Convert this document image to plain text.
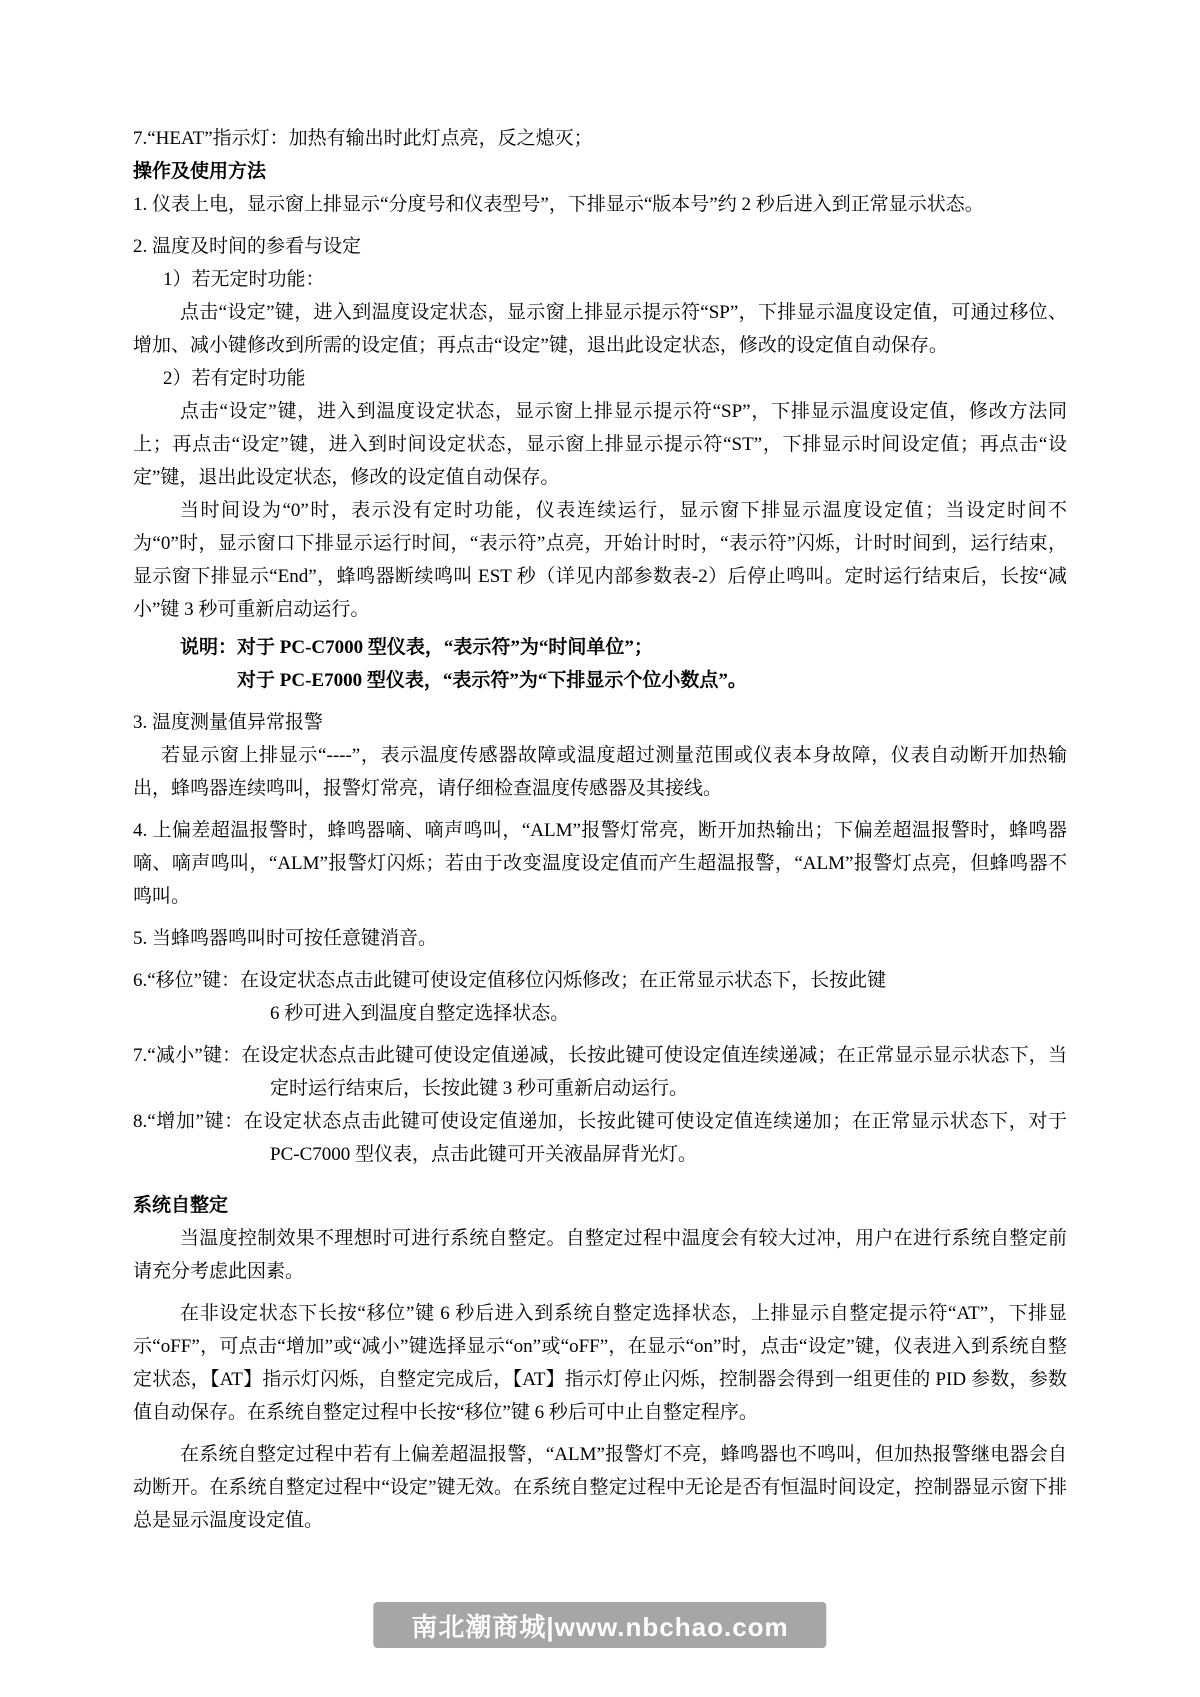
7.“HEAT”指示灯：加热有输出时此灯点亮，反之熄灭；

操作及使用方法

1. 仪表上电，显示窗上排显示“分度号和仪表型号”，下排显示“版本号”约 2 秒后进入到正常显示状态。

2. 温度及时间的参看与设定

1）若无定时功能：

点击“设定”键，进入到温度设定状态，显示窗上排显示提示符“SP”，下排显示温度设定值，可通过移位、增加、减小键修改到所需的设定值；再点击“设定”键，退出此设定状态，修改的设定值自动保存。

2）若有定时功能

点击“设定”键，进入到温度设定状态，显示窗上排显示提示符“SP”，下排显示温度设定值，修改方法同上；再点击“设定”键，进入到时间设定状态，显示窗上排显示提示符“ST”，下排显示时间设定值；再点击“设定”键，退出此设定状态，修改的设定值自动保存。

当时间设为“0”时，表示没有定时功能，仪表连续运行，显示窗下排显示温度设定值；当设定时间不为“0”时，显示窗口下排显示运行时间，“表示符”点亮，开始计时时，“表示符”闪烁，计时时间到，运行结束，显示窗下排显示“End”，蜂鸣器断续鸣叫 EST 秒（详见内部参数表-2）后停止鸣叫。定时运行结束后，长按“减小”键 3 秒可重新启动运行。

说明：对于 PC-C7000 型仪表，“表示符”为“时间单位”；

对于 PC-E7000 型仪表，“表示符”为“下排显示个位小数点”。

3. 温度测量值异常报警

若显示窗上排显示“----”，表示温度传感器故障或温度超过测量范围或仪表本身故障，仪表自动断开加热输出，蜂鸣器连续鸣叫，报警灯常亮，请仔细检查温度传感器及其接线。

4. 上偏差超温报警时，蜂鸣器嘀、嘀声鸣叫，“ALM”报警灯常亮，断开加热输出；下偏差超温报警时，蜂鸣器嘀、嘀声鸣叫，“ALM”报警灯闪烁；若由于改变温度设定值而产生超温报警，“ALM”报警灯点亮，但蜂鸣器不鸣叫。

5. 当蜂鸣器鸣叫时可按任意键消音。

6.“移位”键：在设定状态点击此键可使设定值移位闪烁修改；在正常显示状态下，长按此键

6 秒可进入到温度自整定选择状态。

7.“减小”键：在设定状态点击此键可使设定值递减，长按此键可使设定值连续递减；在正常显示显示状态下，当定时运行结束后，长按此键 3 秒可重新启动运行。

8.“增加”键：在设定状态点击此键可使设定值递加，长按此键可使设定值连续递加；在正常显示状态下，对于 PC-C7000 型仪表，点击此键可开关液晶屏背光灯。

系统自整定

当温度控制效果不理想时可进行系统自整定。自整定过程中温度会有较大过冲，用户在进行系统自整定前请充分考虑此因素。

在非设定状态下长按“移位”键 6 秒后进入到系统自整定选择状态，上排显示自整定提示符“AT”，下排显示“oFF”，可点击“增加”或“减小”键选择显示“on”或“oFF”，在显示“on”时，点击“设定”键，仪表进入到系统自整定状态，【AT】指示灯闪烁，自整定完成后，【AT】指示灯停止闪烁，控制器会得到一组更佳的 PID 参数，参数值自动保存。在系统自整定过程中长按“移位”键 6 秒后可中止自整定程序。

在系统自整定过程中若有上偏差超温报警，“ALM”报警灯不亮，蜂鸣器也不鸣叫，但加热报警继电器会自动断开。在系统自整定过程中“设定”键无效。在系统自整定过程中无论是否有恒温时间设定，控制器显示窗下排总是显示温度设定值。

南北潮商城|www.nbchao.com
